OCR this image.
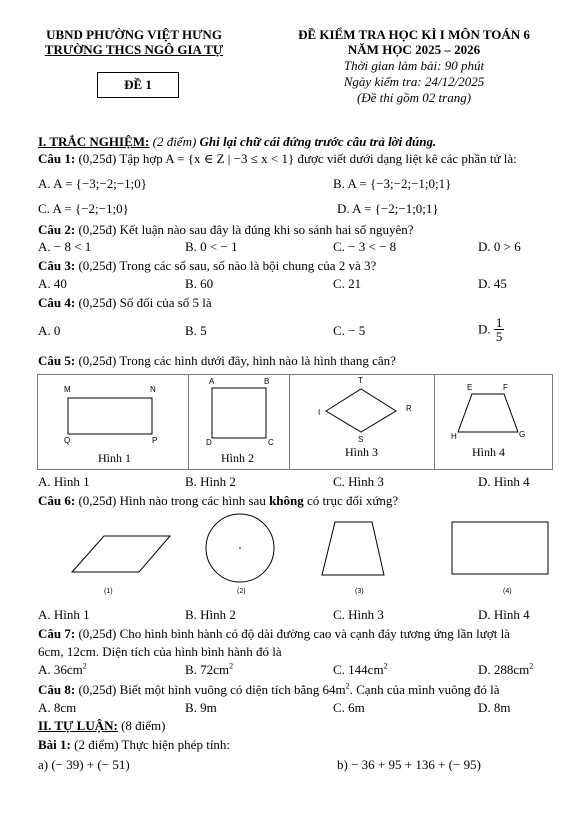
UBND PHƯỜNG VIỆT HƯNG
TRƯỜNG THCS NGÔ GIA TỰ
ĐỀ 1
ĐỀ KIỂM TRA HỌC KÌ I MÔN TOÁN 6
NĂM HỌC 2025 – 2026
Thời gian làm bài: 90 phút
Ngày kiểm tra: 24/12/2025
(Đề thi gồm 02 trang)
I. TRẮC NGHIỆM: (2 điểm) Ghi lại chữ cái đứng trước câu trả lời đúng.
Câu 1: (0,25đ) Tập hợp A = {x ∈ Z | −3 ≤ x < 1} được viết dưới dạng liệt kê các phần tử là:
A. A = {−3;−2;−1;0}	B. A = {−3;−2;−1;0;1}
C. A = {−2;−1;0}	D. A = {−2;−1;0;1}
Câu 2: (0,25đ) Kết luận nào sau đây là đúng khi so sánh hai số nguyên?
A. − 8 < 1	B. 0 < − 1	C. − 3 < − 8	D. 0 > 6
Câu 3: (0,25đ) Trong các số sau, số nào là bội chung của 2 và 3?
A. 40	B. 60	C. 21	D. 45
Câu 4: (0,25đ) Số đối của số 5 là
A. 0	B. 5	C. − 5	D. $\frac{1}{5}$
Câu 5: (0,25đ) Trong các hình dưới đây, hình nào là hình thang cân?
M	N
Q	P
Hình 1
A	B
D	C
Hình 2
T
R
I
S
Hình 3
E	F
H	G
Hình 4
A. Hình 1	B. Hình 2	C. Hình 3	D. Hình 4
Câu 6: (0,25đ) Hình nào trong các hình sau không có trục đối xứng?
(1)	(2)	(3)	(4)
A. Hình 1	B. Hình 2	C. Hình 3	D. Hình 4
Câu 7: (0,25đ) Cho hình bình hành có độ dài đường cao và cạnh đáy tương ứng lần lượt là
6cm, 12cm. Diện tích của hình bình hành đó là
A. $36cm^2$	B. $72cm^2$	C. $144cm^2$	D. $288cm^2$
Câu 8: (0,25đ) Biết một hình vuông có diện tích bằng $64m^2$. Cạnh của mình vuông đó là
A. 8cm	B. 9m	C. 6m	D. 8m
II. TỰ LUẬN: (8 điểm)
Bài 1: (2 điểm) Thực hiện phép tính:
a) (− 39) + (− 51)	b) − 36 + 95 + 136 + (− 95)
